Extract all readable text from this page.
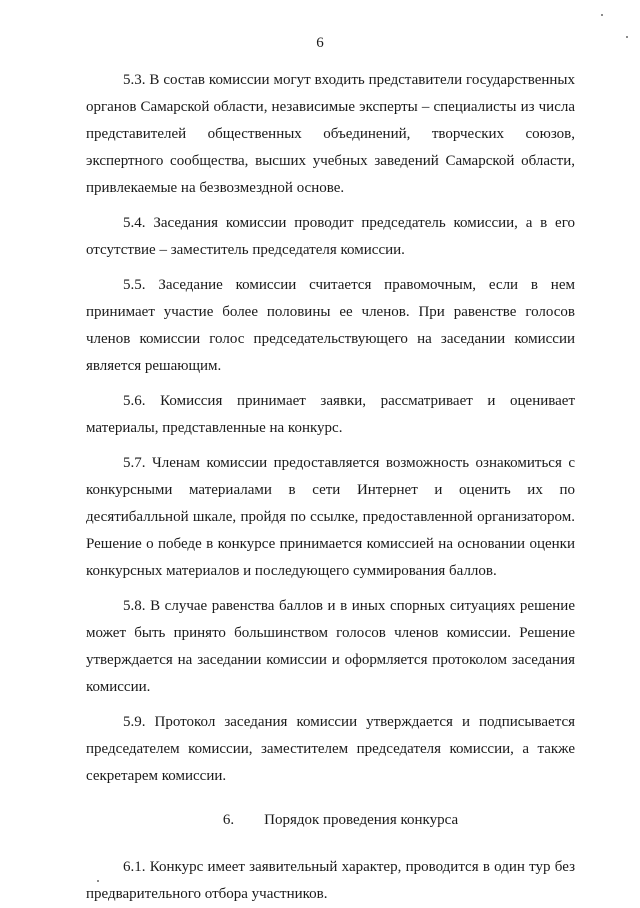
6

5.3. В состав комиссии могут входить представители государственных органов Самарской области, независимые эксперты – специалисты из числа представителей общественных объединений, творческих союзов, экспертного сообщества, высших учебных заведений Самарской области, привлекаемые на безвозмездной основе.

5.4. Заседания комиссии проводит председатель комиссии, а в его отсутствие – заместитель председателя комиссии.

5.5. Заседание комиссии считается правомочным, если в нем принимает участие более половины ее членов. При равенстве голосов членов комиссии голос председательствующего на заседании комиссии является решающим.

5.6. Комиссия принимает заявки, рассматривает и оценивает материалы, представленные на конкурс.

5.7. Членам комиссии предоставляется возможность ознакомиться с конкурсными материалами в сети Интернет и оценить их по десятибалльной шкале, пройдя по ссылке, предоставленной организатором. Решение о победе в конкурсе принимается комиссией на основании оценки конкурсных материалов и последующего суммирования баллов.

5.8. В случае равенства баллов и в иных спорных ситуациях решение может быть принято большинством голосов членов комиссии. Решение утверждается на заседании комиссии и оформляется протоколом заседания комиссии.

5.9. Протокол заседания комиссии утверждается и подписывается председателем комиссии, заместителем председателя комиссии, а также секретарем комиссии.

6. Порядок проведения конкурса

6.1. Конкурс имеет заявительный характер, проводится в один тур без предварительного отбора участников.
